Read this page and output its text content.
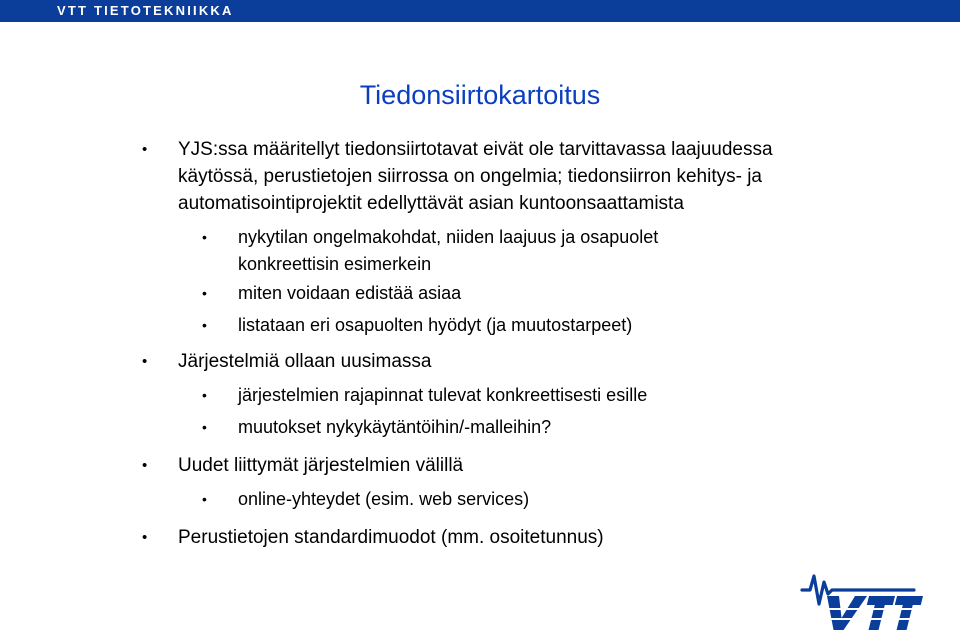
VTT TIETOTEKNIIKKA
Tiedonsiirtokartoitus
• YJS:ssa määritellyt tiedonsiirtotavat eivät ole tarvittavassa laajuudessa
käytössä, perustietojen siirrossa on ongelmia; tiedonsiirron kehitys- ja
automatisointiprojektit edellyttävät asian kuntoonsaattamista
• nykytilan ongelmakohdat, niiden laajuus ja osapuolet
konkreettisin esimerkein
• miten voidaan edistää asiaa
• listataan eri osapuolten hyödyt (ja muutostarpeet)
• Järjestelmiä ollaan uusimassa
• järjestelmien rajapinnat tulevat konkreettisesti esille
• muutokset nykykäytäntöihin/-malleihin?
• Uudet liittymät järjestelmien välillä
• online-yhteydet (esim. web services)
• Perustietojen standardimuodot (mm. osoitetunnus)
